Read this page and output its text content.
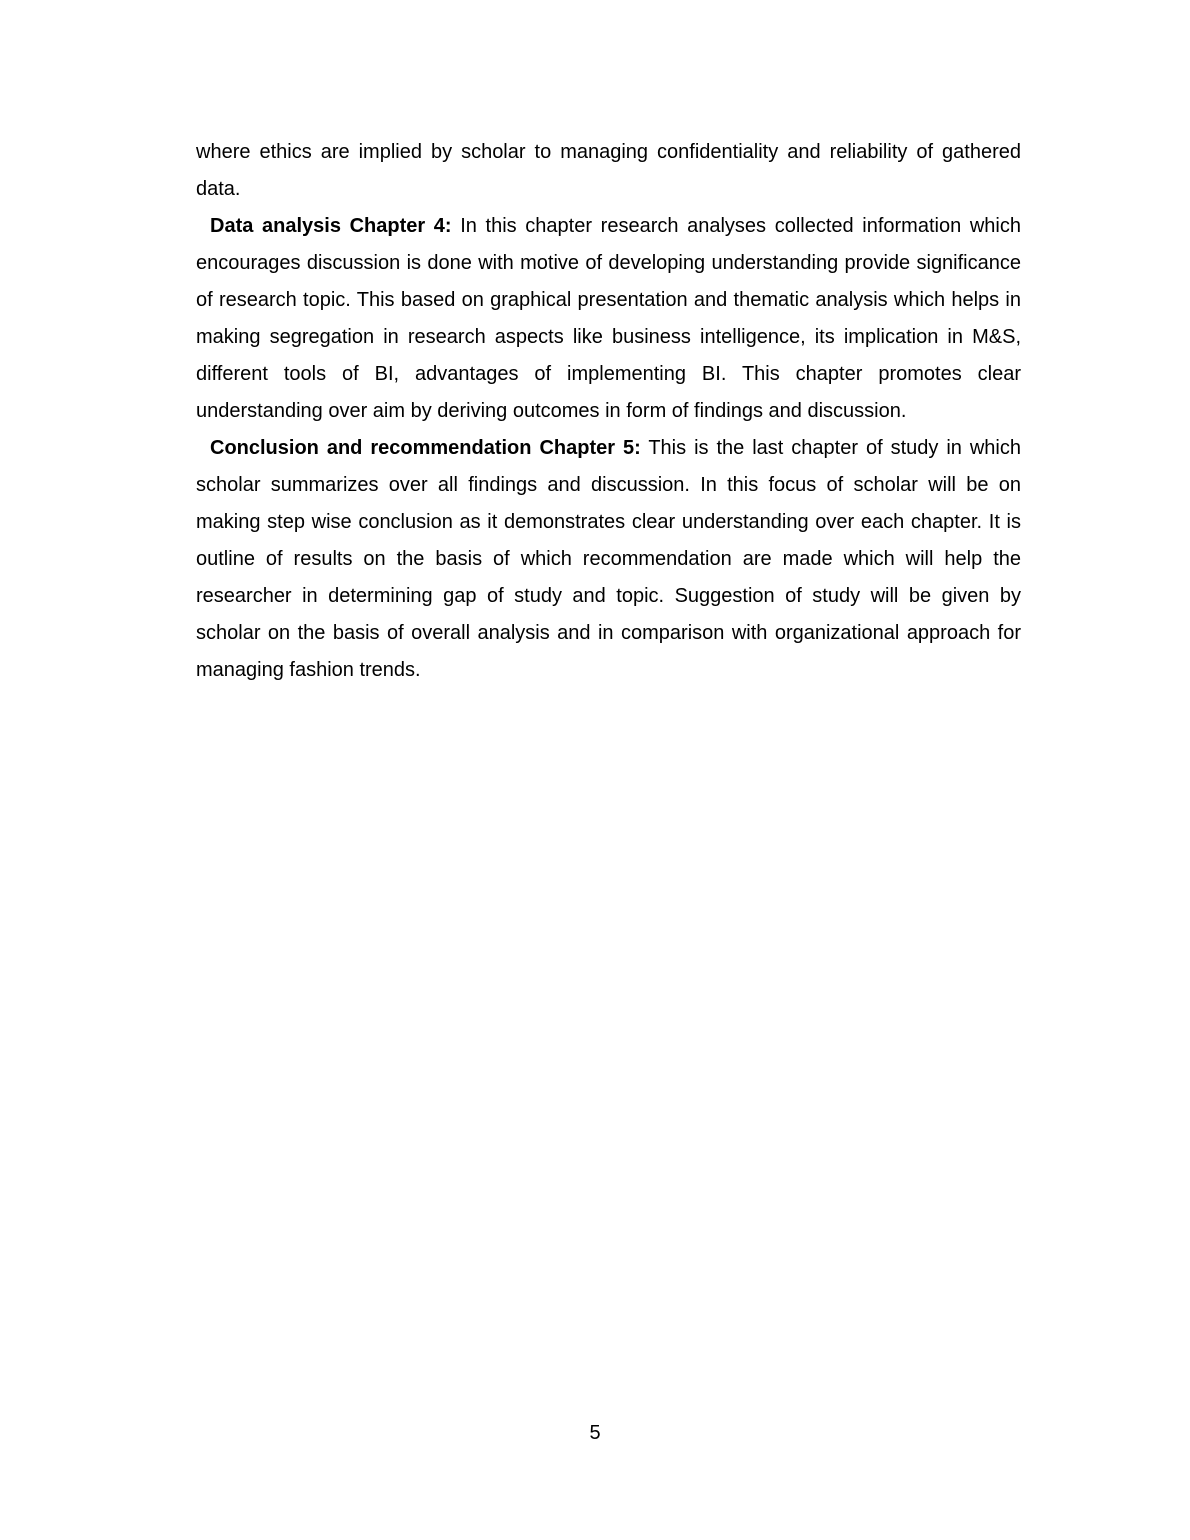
where ethics are implied by scholar to managing confidentiality and reliability of gathered data.

Data analysis Chapter 4: In this chapter research analyses collected information which encourages discussion is done with motive of developing understanding provide significance of research topic. This based on graphical presentation and thematic analysis which helps in making segregation in research aspects like business intelligence, its implication in M&S, different tools of BI, advantages of implementing BI. This chapter promotes clear understanding over aim by deriving outcomes in form of findings and discussion.

Conclusion and recommendation Chapter 5: This is the last chapter of study in which scholar summarizes over all findings and discussion. In this focus of scholar will be on making step wise conclusion as it demonstrates clear understanding over each chapter. It is outline of results on the basis of which recommendation are made which will help the researcher in determining gap of study and topic. Suggestion of study will be given by scholar on the basis of overall analysis and in comparison with organizational approach for managing fashion trends.

5
